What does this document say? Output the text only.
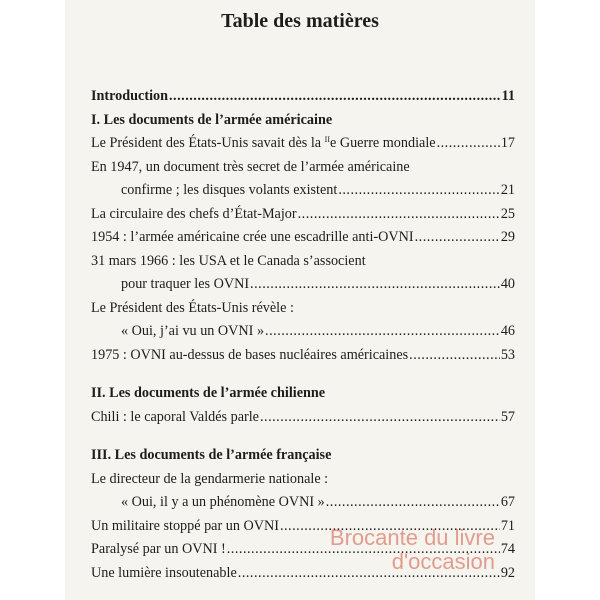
Table des matières
Introduction .....	11
I. Les documents de l’armée américaine
Le Président des États-Unis savait dès la $^{II}$e Guerre mondiale .....	17
En 1947, un document très secret de l’armée américaine
confirme ; les disques volants existent .....	21
La circulaire des chefs d’État-Major .....	25
1954 : l’armée américaine crée une escadrille anti-OVNI .....	29
31 mars 1966 : les USA et le Canada s’associent
pour traquer les OVNI .....	40
Le Président des États-Unis révèle :
« Oui, j’ai vu un OVNI » .....	46
1975 : OVNI au-dessus de bases nucléaires américaines .....	53
II. Les documents de l’armée chilienne
Chili : le caporal Valdés parle .....	57
III. Les documents de l’armée française
Le directeur de la gendarmerie nationale :
« Oui, il y a un phénomène OVNI » .....	67
Un militaire stoppé par un OVNI .....	71
Paralysé par un OVNI ! .....	74
Une lumière insoutenable .....	92
Brocante du livre
d'occasion
